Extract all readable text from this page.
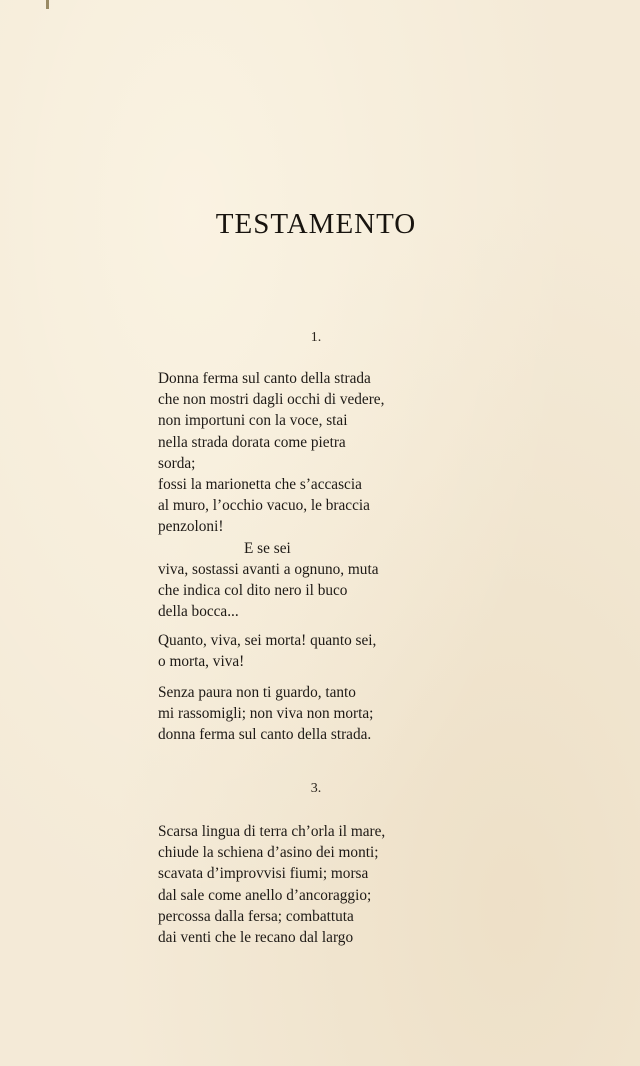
TESTAMENTO
1.
Donna ferma sul canto della strada
che non mostri dagli occhi di vedere,
non importuni con la voce, stai
nella strada dorata come pietra
sorda;
fossi la marionetta che s’accascia
al muro, l’occhio vacuo, le braccia
penzoloni!
E se sei
viva, sostassi avanti a ognuno, muta
che indica col dito nero il buco
della bocca...
Quanto, viva, sei morta! quanto sei,
o morta, viva!
Senza paura non ti guardo, tanto
mi rassomigli; non viva non morta;
donna ferma sul canto della strada.
3.
Scarsa lingua di terra ch’orla il mare,
chiude la schiena d’asino dei monti;
scavata d’improvvisi fiumi; morsa
dal sale come anello d’ancoraggio;
percossa dalla fersa; combattuta
dai venti che le recano dal largo
